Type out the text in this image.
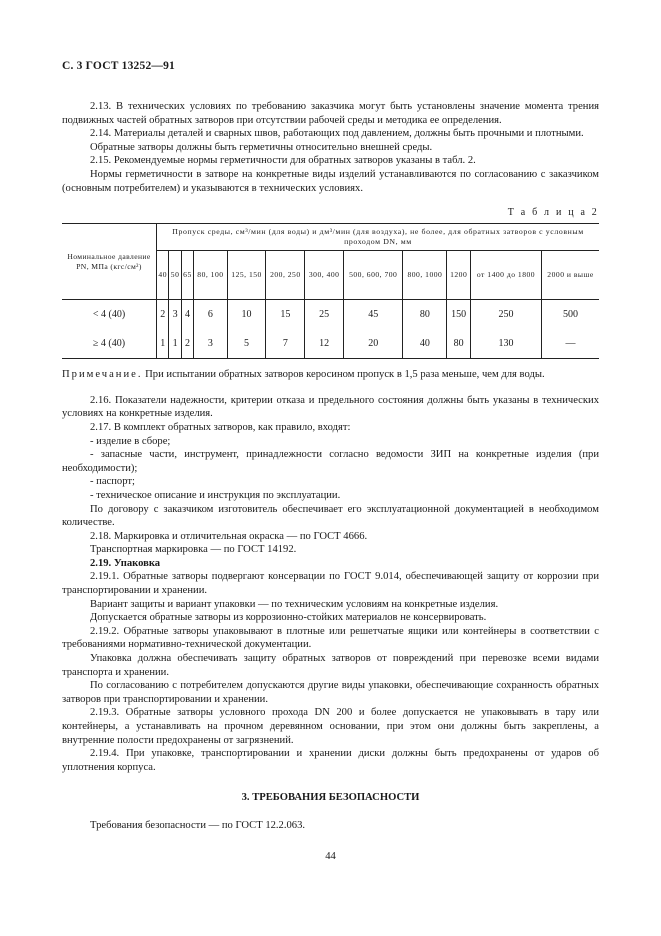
С. 3 ГОСТ 13252—91

2.13. В технических условиях по требованию заказчика могут быть установлены значение момента трения подвижных частей обратных затворов при отсутствии рабочей среды и методика ее определения.

2.14. Материалы деталей и сварных швов, работающих под давлением, должны быть прочными и плотными.

Обратные затворы должны быть герметичны относительно внешней среды.

2.15. Рекомендуемые нормы герметичности для обратных затворов указаны в табл. 2.

Нормы герметичности в затворе на конкретные виды изделий устанавливаются по согласованию с заказчиком (основным потребителем) и указываются в технических условиях.

Т а б л и ц а 2
Номинальное давление PN, МПа (кгс/см²)	Пропуск среды, см³/мин (для воды) и дм³/мин (для воздуха), не более, для обратных затворов с условным проходом DN, мм											
	40	50	65	80, 100	125, 150	200, 250	300, 400	500, 600, 700	800, 1000	1200	от 1400 до 1800	2000 и выше
< 4 (40)	2	3	4	6	10	15	25	45	80	150	250	500
≥ 4 (40)	1	1	2	3	5	7	12	20	40	80	130	—

Примечание. При испытании обратных затворов керосином пропуск в 1,5 раза меньше, чем для воды.

2.16. Показатели надежности, критерии отказа и предельного состояния должны быть указаны в технических условиях на конкретные изделия.

2.17. В комплект обратных затворов, как правило, входят:

- изделие в сборе;

- запасные части, инструмент, принадлежности согласно ведомости ЗИП на конкретные изделия (при необходимости);

- паспорт;

- техническое описание и инструкция по эксплуатации.

По договору с заказчиком изготовитель обеспечивает его эксплуатационной документацией в необходимом количестве.

2.18. Маркировка и отличительная окраска — по ГОСТ 4666.

Транспортная маркировка — по ГОСТ 14192.

2.19. Упаковка

2.19.1. Обратные затворы подвергают консервации по ГОСТ 9.014, обеспечивающей защиту от коррозии при транспортировании и хранении.

Вариант защиты и вариант упаковки — по техническим условиям на конкретные изделия.

Допускается обратные затворы из коррозионно-стойких материалов не консервировать.

2.19.2. Обратные затворы упаковывают в плотные или решетчатые ящики или контейнеры в соответствии с требованиями нормативно-технической документации.

Упаковка должна обеспечивать защиту обратных затворов от повреждений при перевозке всеми видами транспорта и хранении.

По согласованию с потребителем допускаются другие виды упаковки, обеспечивающие сохранность обратных затворов при транспортировании и хранении.

2.19.3. Обратные затворы условного прохода DN 200 и более допускается не упаковывать в тару или контейнеры, а устанавливать на прочном деревянном основании, при этом они должны быть закреплены, а внутренние полости предохранены от загрязнений.

2.19.4. При упаковке, транспортировании и хранении диски должны быть предохранены от ударов об уплотнения корпуса.

3. ТРЕБОВАНИЯ БЕЗОПАСНОСТИ

Требования безопасности — по ГОСТ 12.2.063.

44
